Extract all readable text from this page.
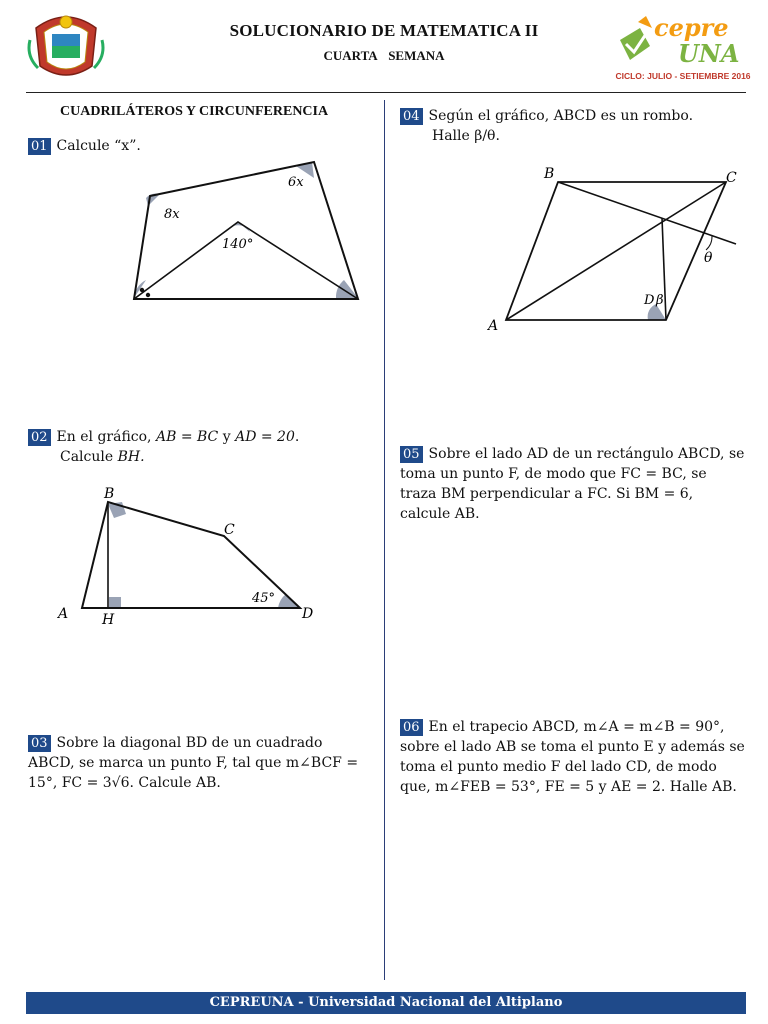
SOLUCIONARIO DE MATEMATICA II
CUARTA SEMANA
cepre
UNA
CICLO: JULIO - SETIEMBRE 2016
CUADRILÁTEROS Y CIRCUNFERENCIA
01 Calcule “x”.
8x
6x
140°
02 En el gráfico, AB = BC y AD = 20.
Calcule BH.
B
C
A H	D
45°
03 Sobre la diagonal BD de un cuadrado ABCD, se marca un punto F, tal que m∠BCF = 15°, FC = 3√6. Calcule AB.
04 Según el gráfico, ABCD es un rombo.
Halle β/θ.
B	C
A
D β
θ
05 Sobre el lado AD de un rectángulo ABCD, se toma un punto F, de modo que FC = BC, se traza BM perpendicular a FC. Si BM = 6, calcule AB.
06 En el trapecio ABCD, m∠A = m∠B = 90°, sobre el lado AB se toma el punto E y además se toma el punto medio F del lado CD, de modo que, m∠FEB = 53°, FE = 5 y AE = 2. Halle AB.
CEPREUNA - Universidad Nacional del Altiplano
